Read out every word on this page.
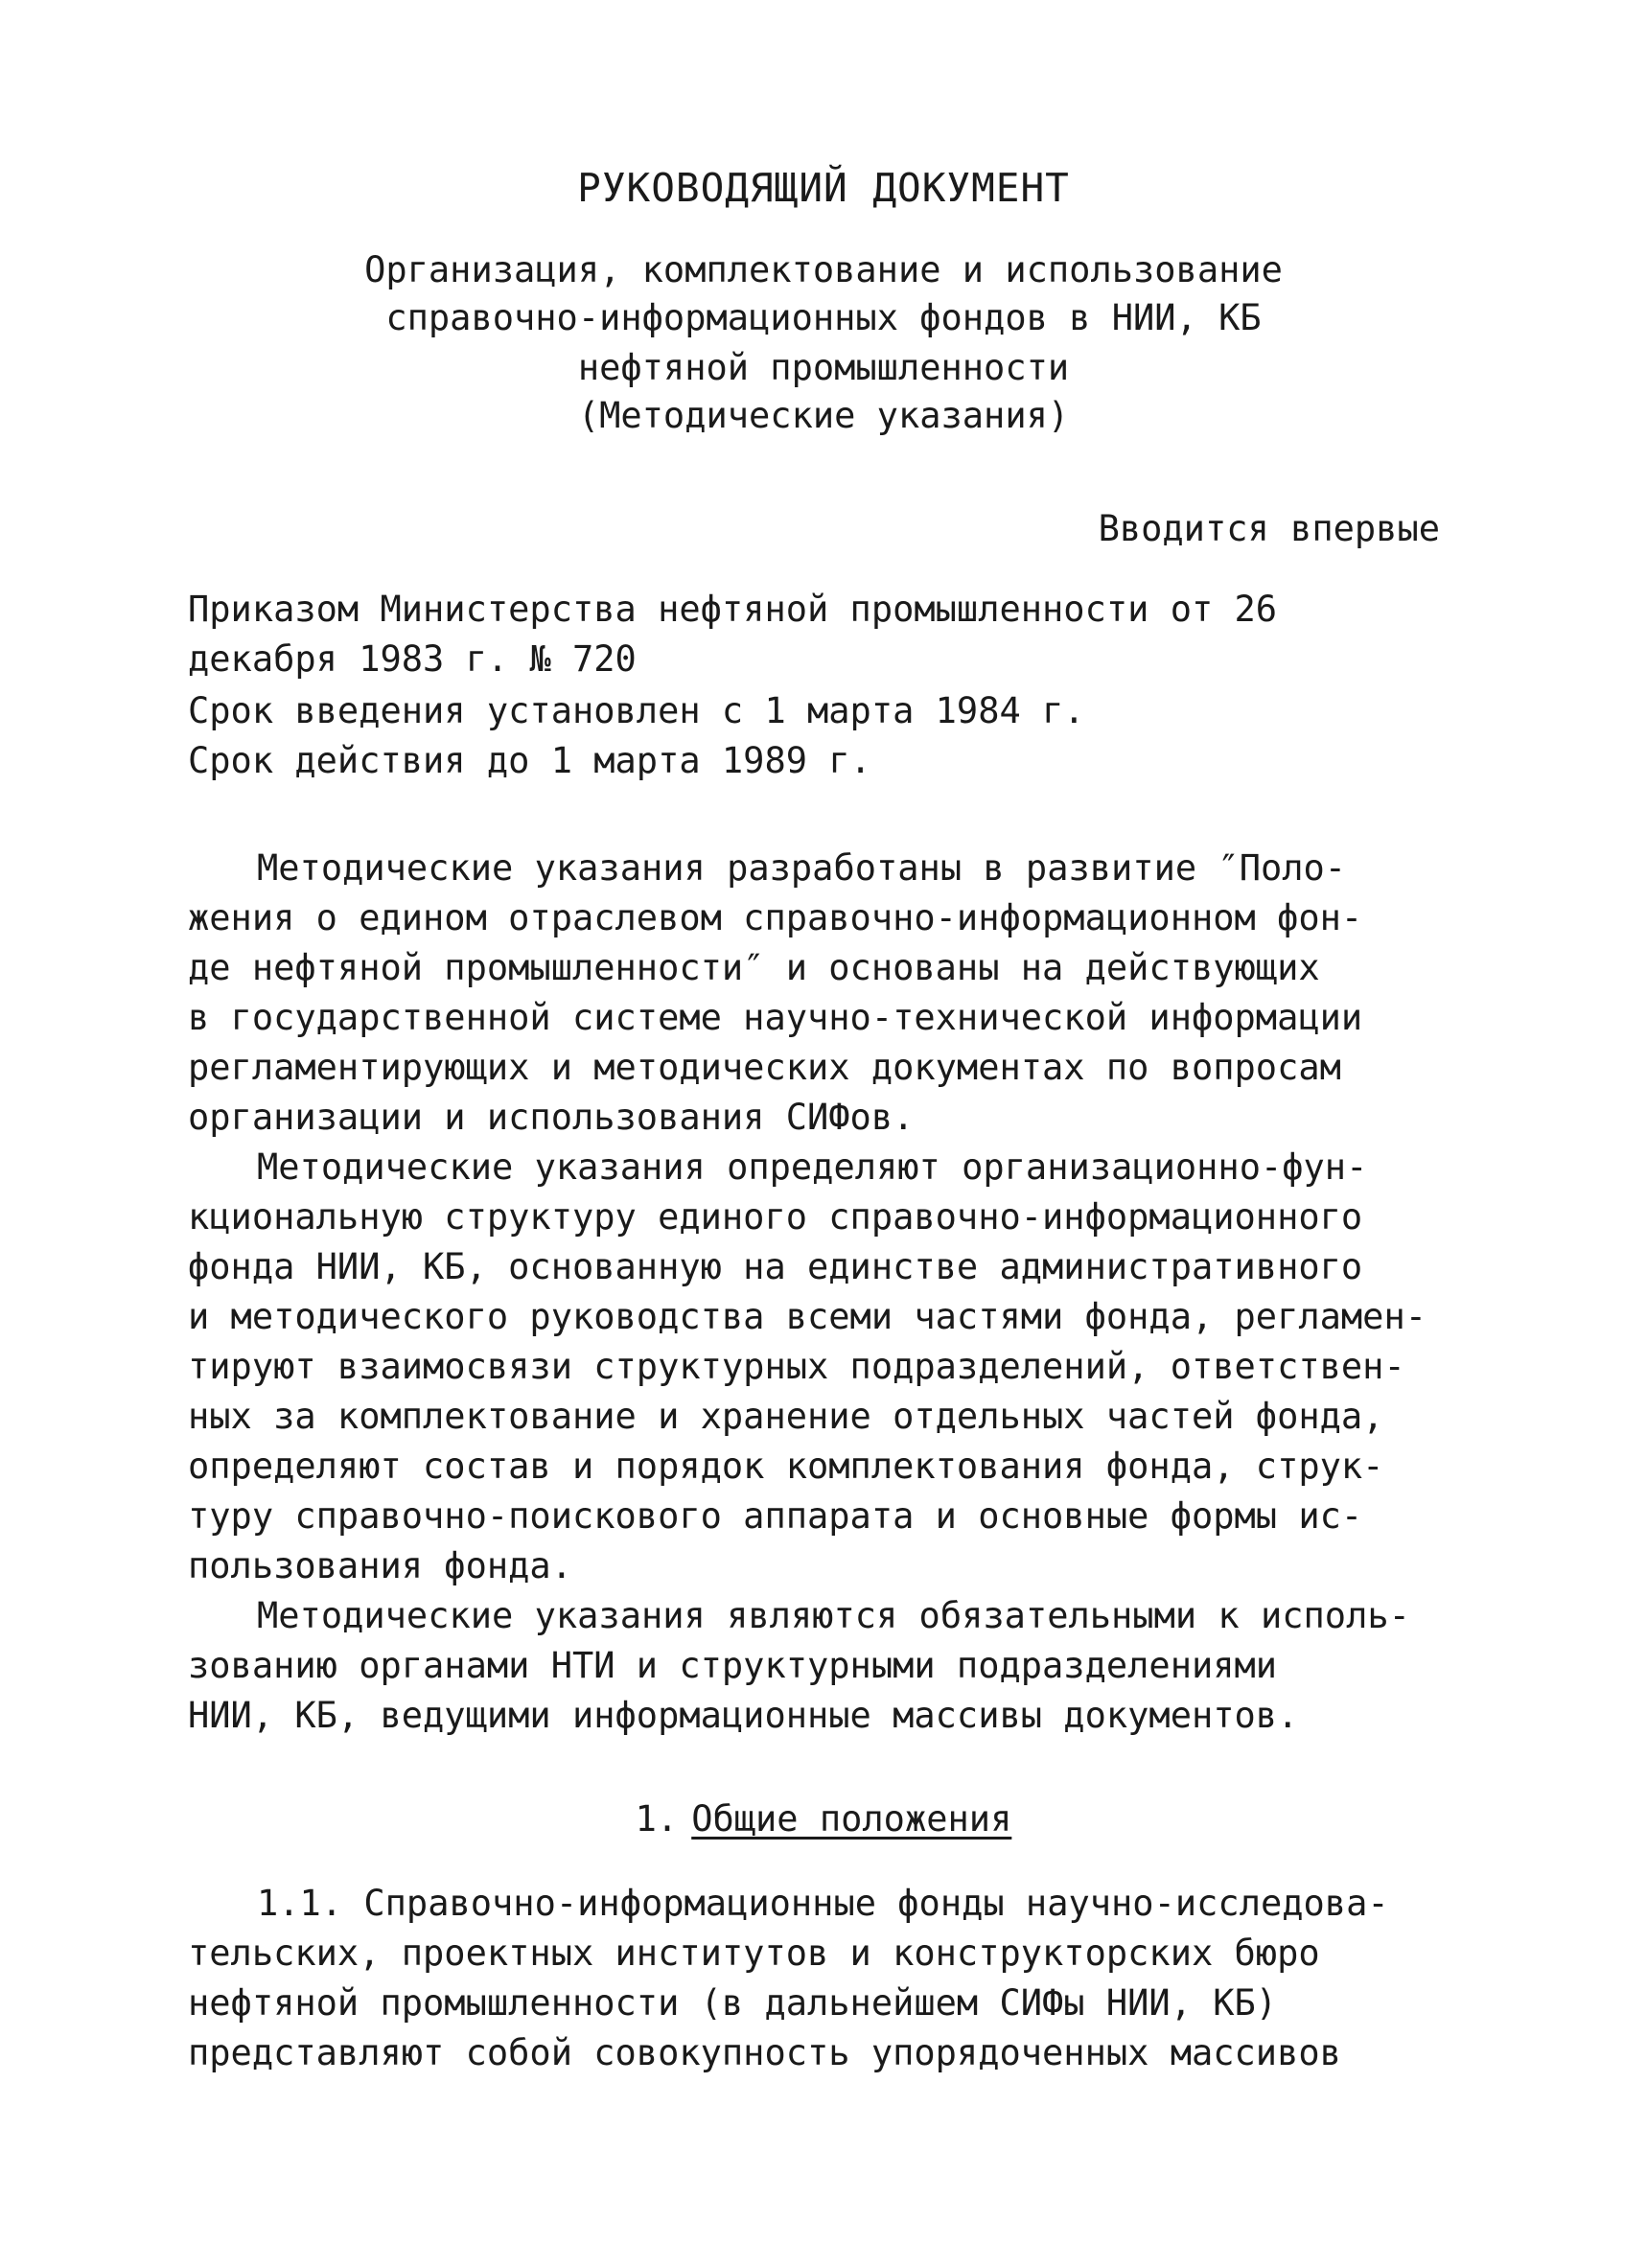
РУКОВОДЯЩИЙ ДОКУМЕНТ
Организация, комплектование и использование
справочно-информационных фондов в НИИ, КБ
нефтяной промышленности
(Методические указания)
Вводится впервые
Приказом Министерства нефтяной промышленности от 26
декабря 1983 г. № 720
Срок введения установлен с 1 марта 1984 г.
Срок действия до 1 марта 1989 г.
Методические указания разработаны в развитие ″Поло-
жения о едином отраслевом справочно-информационном фон-
де нефтяной промышленности″ и основаны на действующих
в государственной системе научно-технической информации
регламентирующих и методических документах по вопросам
организации и использования СИФов.
Методические указания определяют организационно-фун-
кциональную структуру единого справочно-информационного
фонда НИИ, КБ, основанную на единстве административного
и методического руководства всеми частями фонда, регламен-
тируют взаимосвязи структурных подразделений, ответствен-
ных за комплектование и хранение отдельных частей фонда,
определяют состав и порядок комплектования фонда, струк-
туру справочно-поискового аппарата и основные формы ис-
пользования фонда.
Методические указания являются обязательными к исполь-
зованию органами НТИ и структурными подразделениями
НИИ, КБ, ведущими информационные массивы документов.
1. Общие положения
1.1. Справочно-информационные фонды научно-исследова-
тельских, проектных институтов и конструкторских бюро
нефтяной промышленности (в дальнейшем СИФы НИИ, КБ)
представляют собой совокупность упорядоченных массивов
